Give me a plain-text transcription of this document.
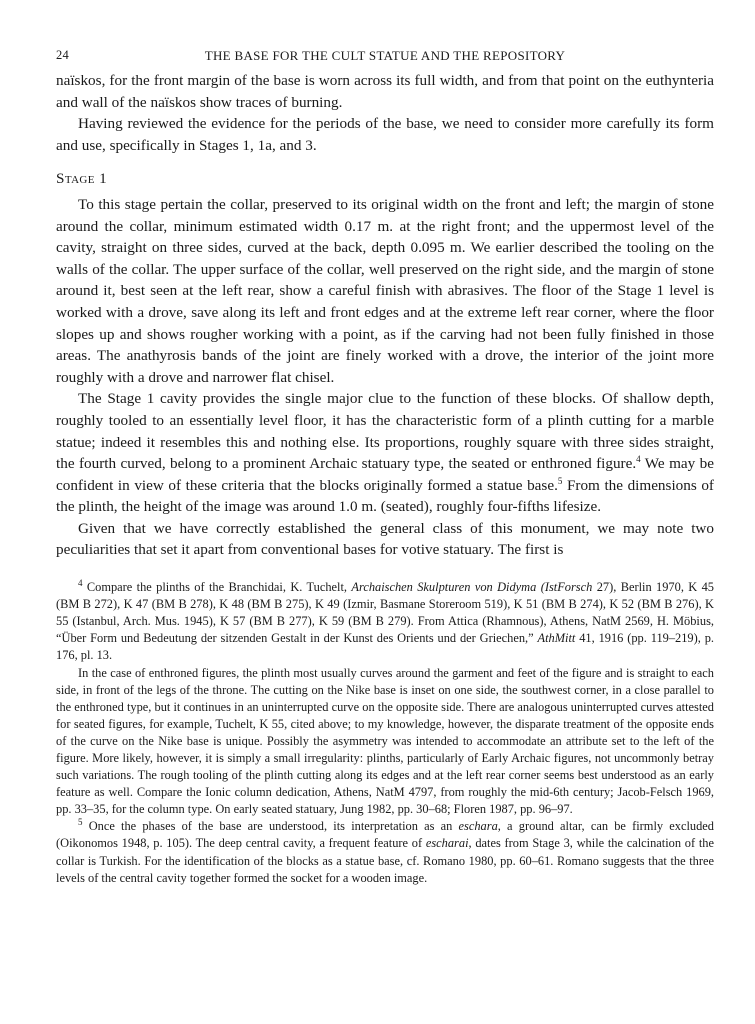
24	THE BASE FOR THE CULT STATUE AND THE REPOSITORY

naïskos, for the front margin of the base is worn across its full width, and from that point on the euthynteria and wall of the naïskos show traces of burning.

Having reviewed the evidence for the periods of the base, we need to consider more carefully its form and use, specifically in Stages 1, 1a, and 3.

Stage 1

To this stage pertain the collar, preserved to its original width on the front and left; the margin of stone around the collar, minimum estimated width 0.17 m. at the right front; and the uppermost level of the cavity, straight on three sides, curved at the back, depth 0.095 m. We earlier described the tooling on the walls of the collar. The upper surface of the collar, well preserved on the right side, and the margin of stone around it, best seen at the left rear, show a careful finish with abrasives. The floor of the Stage 1 level is worked with a drove, save along its left and front edges and at the extreme left rear corner, where the floor slopes up and shows rougher working with a point, as if the carving had not been fully finished in those areas. The anathyrosis bands of the joint are finely worked with a drove, the interior of the joint more roughly with a drove and narrower flat chisel.

The Stage 1 cavity provides the single major clue to the function of these blocks. Of shallow depth, roughly tooled to an essentially level floor, it has the characteristic form of a plinth cutting for a marble statue; indeed it resembles this and nothing else. Its proportions, roughly square with three sides straight, the fourth curved, belong to a prominent Archaic statuary type, the seated or enthroned figure.$^4$ We may be confident in view of these criteria that the blocks originally formed a statue base.$^5$ From the dimensions of the plinth, the height of the image was around 1.0 m. (seated), roughly four-fifths lifesize.

Given that we have correctly established the general class of this monument, we may note two peculiarities that set it apart from conventional bases for votive statuary. The first is

$^4$ Compare the plinths of the Branchidai, K. Tuchelt, Archaischen Skulpturen von Didyma (IstForsch 27), Berlin 1970, K 45 (BM B 272), K 47 (BM B 278), K 48 (BM B 275), K 49 (Izmir, Basmane Storeroom 519), K 51 (BM B 274), K 52 (BM B 276), K 55 (Istanbul, Arch. Mus. 1945), K 57 (BM B 277), K 59 (BM B 279). From Attica (Rhamnous), Athens, NatM 2569, H. Möbius, “Über Form und Bedeutung der sitzenden Gestalt in der Kunst des Orients und der Griechen,” AthMitt 41, 1916 (pp. 119–219), p. 176, pl. 13.

In the case of enthroned figures, the plinth most usually curves around the garment and feet of the figure and is straight to each side, in front of the legs of the throne. The cutting on the Nike base is inset on one side, the southwest corner, in a close parallel to the enthroned type, but it continues in an uninterrupted curve on the opposite side. There are analogous uninterrupted curves attested for seated figures, for example, Tuchelt, K 55, cited above; to my knowledge, however, the disparate treatment of the opposite ends of the curve on the Nike base is unique. Possibly the asymmetry was intended to accommodate an attribute set to the left of the figure. More likely, however, it is simply a small irregularity: plinths, particularly of Early Archaic figures, not uncommonly betray such variations. The rough tooling of the plinth cutting along its edges and at the left rear corner seems best understood as an early feature as well. Compare the Ionic column dedication, Athens, NatM 4797, from roughly the mid-6th century; Jacob-Felsch 1969, pp. 33–35, for the column type. On early seated statuary, Jung 1982, pp. 30–68; Floren 1987, pp. 96–97.

$^5$ Once the phases of the base are understood, its interpretation as an eschara, a ground altar, can be firmly excluded (Oikonomos 1948, p. 105). The deep central cavity, a frequent feature of escharai, dates from Stage 3, while the calcination of the collar is Turkish. For the identification of the blocks as a statue base, cf. Romano 1980, pp. 60–61. Romano suggests that the three levels of the central cavity together formed the socket for a wooden image.
